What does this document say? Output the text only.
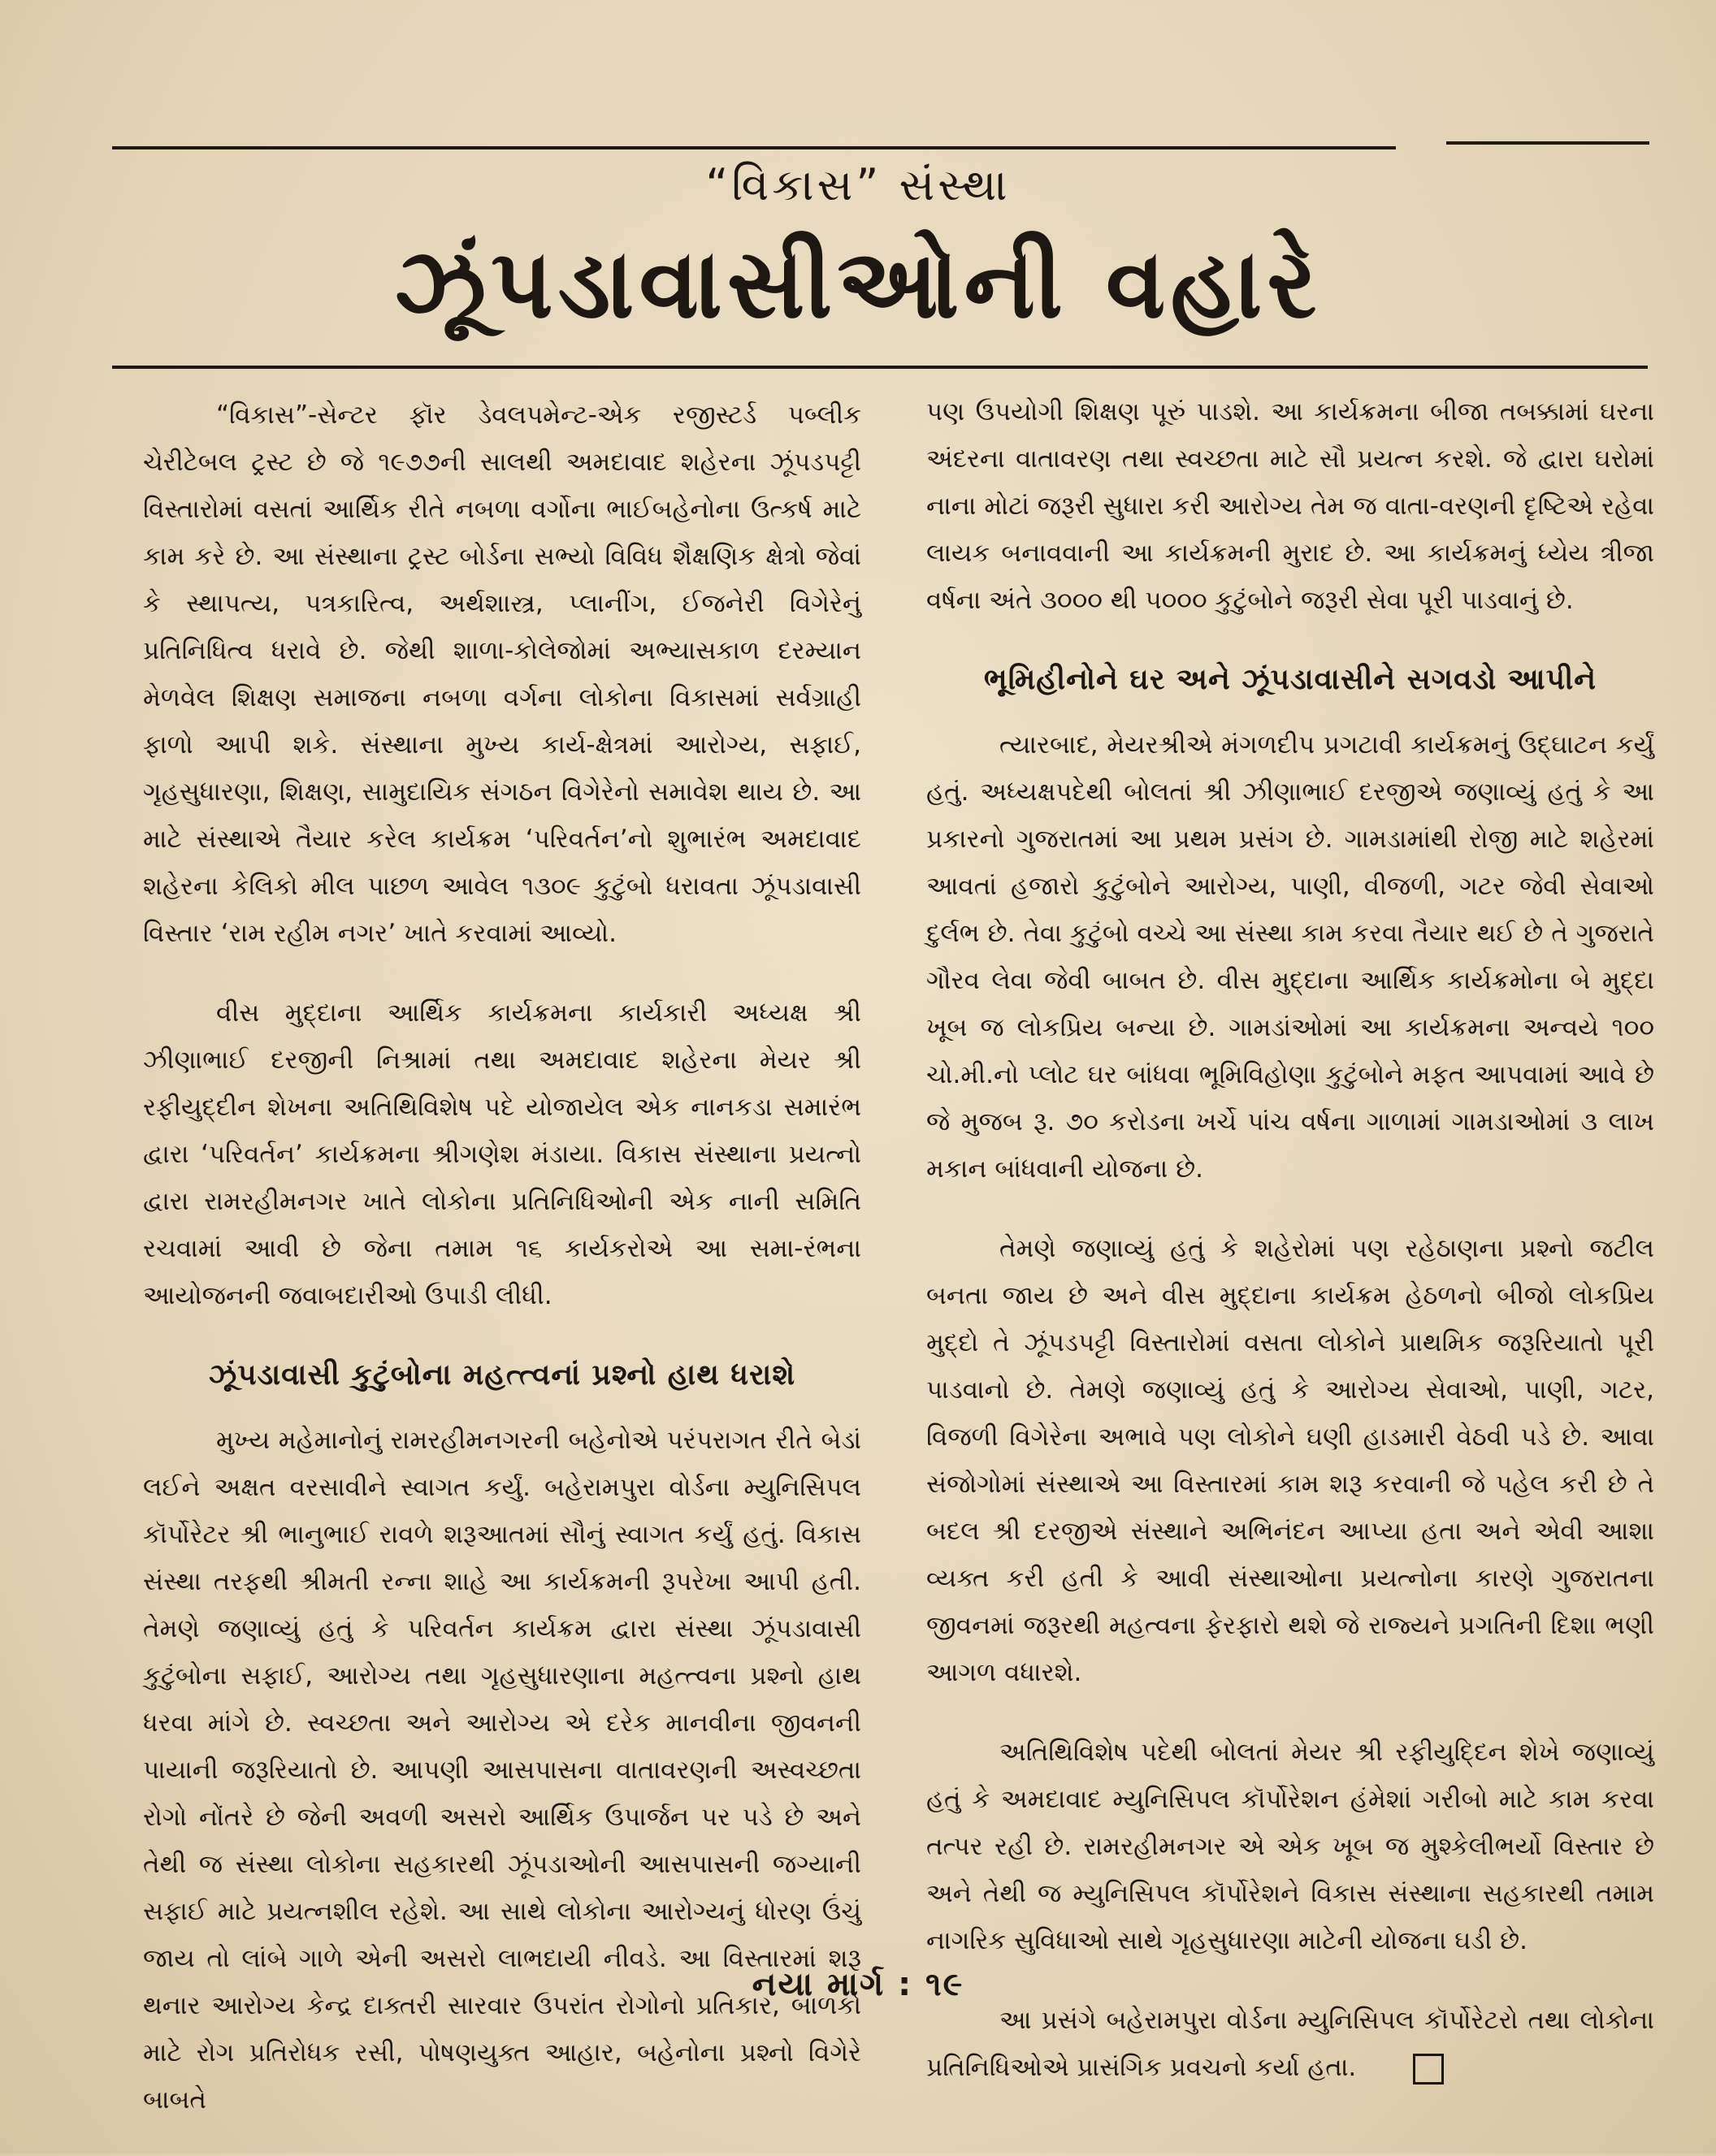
“વિકાસ” સંસ્થા
ઝૂંપડાવાસીઓની વહારે

“વિકાસ”-સેન્ટર ફૉર ડેવલપમેન્ટ-એક રજીસ્ટર્ડ પબ્લીક ચેરીટેબલ ટ્રસ્ટ છે જે ૧૯૭૭ની સાલથી અમદાવાદ શહેરના ઝૂંપડપટ્ટી વિસ્તારોમાં વસતાં આર્થિક રીતે નબળા વર્ગોના ભાઈબહેનોના ઉત્કર્ષ માટે કામ કરે છે. આ સંસ્થાના ટ્રસ્ટ બોર્ડના સભ્યો વિવિધ શૈક્ષણિક ક્ષેત્રો જેવાં કે સ્થાપત્ય, પત્રકારિત્વ, અર્થશાસ્ત્ર, પ્લાનીંગ, ઈજનેરી વિગેરેનું પ્રતિનિધિત્વ ધરાવે છે. જેથી શાળા-કોલેજોમાં અભ્યાસકાળ દરમ્યાન મેળવેલ શિક્ષણ સમાજના નબળા વર્ગના લોકોના વિકાસમાં સર્વગ્રાહી ફાળો આપી શકે. સંસ્થાના મુખ્ય કાર્ય-ક્ષેત્રમાં આરોગ્ય, સફાઈ, ગૃહસુધારણા, શિક્ષણ, સામુદાયિક સંગઠન વિગેરેનો સમાવેશ થાય છે. આ માટે સંસ્થાએ તૈયાર કરેલ કાર્યક્રમ ‘પરિવર્તન’નો શુભારંભ અમદાવાદ શહેરના કેલિકો મીલ પાછળ આવેલ ૧૩૦૯ કુટુંબો ધરાવતા ઝૂંપડાવાસી વિસ્તાર ‘રામ રહીમ નગર’ ખાતે કરવામાં આવ્યો.

વીસ મુદ્દાના આર્થિક કાર્યક્રમના કાર્યકારી અધ્યક્ષ શ્રી ઝીણાભાઈ દરજીની નિશ્રામાં તથા અમદાવાદ શહેરના મેયર શ્રી રફીયુદ્દીન શેખના અતિથિવિશેષ પદે યોજાયેલ એક નાનકડા સમારંભ દ્વારા ‘પરિવર્તન’ કાર્યક્રમના શ્રીગણેશ મંડાયા. વિકાસ સંસ્થાના પ્રયત્નો દ્વારા રામરહીમનગર ખાતે લોકોના પ્રતિનિધિઓની એક નાની સમિતિ રચવામાં આવી છે જેના તમામ ૧૬ કાર્યકરોએ આ સમા-રંભના આયોજનની જવાબદારીઓ ઉપાડી લીધી.

ઝૂંપડાવાસી કુટુંબોના મહત્ત્વનાં પ્રશ્નો હાથ ધરાશે

મુખ્ય મહેમાનોનું રામરહીમનગરની બહેનોએ પરંપરાગત રીતે બેડાં લઈને અક્ષત વરસાવીને સ્વાગત કર્યું. બહેરામપુરા વોર્ડના મ્યુનિસિપલ કૉર્પોરેટર શ્રી ભાનુભાઈ રાવળે શરૂઆતમાં સૌનું સ્વાગત કર્યું હતું. વિકાસ સંસ્થા તરફથી શ્રીમતી રન્ના શાહે આ કાર્યક્રમની રૂપરેખા આપી હતી. તેમણે જણાવ્યું હતું કે પરિવર્તન કાર્યક્રમ દ્વારા સંસ્થા ઝૂંપડાવાસી કુટુંબોના સફાઈ, આરોગ્ય તથા ગૃહસુધારણાના મહત્ત્વના પ્રશ્નો હાથ ધરવા માંગે છે. સ્વચ્છતા અને આરોગ્ય એ દરેક માનવીના જીવનની પાયાની જરૂરિયાતો છે. આપણી આસપાસના વાતાવરણની અસ્વચ્છતા રોગો નોંતરે છે જેની અવળી અસરો આર્થિક ઉપાર્જન પર પડે છે અને તેથી જ સંસ્થા લોકોના સહકારથી ઝૂંપડાઓની આસપાસની જગ્યાની સફાઈ માટે પ્રયત્નશીલ રહેશે. આ સાથે લોકોના આરોગ્યનું ધોરણ ઉંચું જાય તો લાંબે ગાળે એની અસરો લાભદાયી નીવડે. આ વિસ્તારમાં શરૂ થનાર આરોગ્ય કેન્દ્ર દાક્તરી સારવાર ઉપરાંત રોગોનો પ્રતિકાર, બાળકો માટે રોગ પ્રતિરોધક રસી, પોષણયુક્ત આહાર, બહેનોના પ્રશ્નો વિગેરે બાબતે

પણ ઉપયોગી શિક્ષણ પૂરું પાડશે. આ કાર્યક્રમના બીજા તબક્કામાં ઘરના અંદરના વાતાવરણ તથા સ્વચ્છતા માટે સૌ પ્રયત્ન કરશે. જે દ્વારા ઘરોમાં નાના મોટાં જરૂરી સુધારા કરી આરોગ્ય તેમ જ વાતા-વરણની દૃષ્ટિએ રહેવા લાયક બનાવવાની આ કાર્યક્રમની મુરાદ છે. આ કાર્યક્રમનું ધ્યેય ત્રીજા વર્ષના અંતે ૩૦૦૦ થી ૫૦૦૦ કુટુંબોને જરૂરી સેવા પૂરી પાડવાનું છે.

ભૂમિહીનોને ઘર અને ઝૂંપડાવાસીને સગવડો આપીને

ત્યારબાદ, મેયરશ્રીએ મંગળદીપ પ્રગટાવી કાર્યક્રમનું ઉદ્ઘાટન કર્યું હતું. અધ્યક્ષપદેથી બોલતાં શ્રી ઝીણાભાઈ દરજીએ જણાવ્યું હતું કે આ પ્રકારનો ગુજરાતમાં આ પ્રથમ પ્રસંગ છે. ગામડામાંથી રોજી માટે શહેરમાં આવતાં હજારો કુટુંબોને આરોગ્ય, પાણી, વીજળી, ગટર જેવી સેવાઓ દુર્લભ છે. તેવા કુટુંબો વચ્ચે આ સંસ્થા કામ કરવા તૈયાર થઈ છે તે ગુજરાતે ગૌરવ લેવા જેવી બાબત છે. વીસ મુદ્દાના આર્થિક કાર્યક્રમોના બે મુદ્દા ખૂબ જ લોકપ્રિય બન્યા છે. ગામડાંઓમાં આ કાર્યક્રમના અન્વયે ૧૦૦ ચો.મી.નો પ્લોટ ઘર બાંધવા ભૂમિવિહોણા કુટુંબોને મફત આપવામાં આવે છે જે મુજબ રૂ. ૭૦ કરોડના ખર્ચે પાંચ વર્ષના ગાળામાં ગામડાઓમાં ૩ લાખ મકાન બાંધવાની યોજના છે.

તેમણે જણાવ્યું હતું કે શહેરોમાં પણ રહેઠાણના પ્રશ્નો જટીલ બનતા જાય છે અને વીસ મુદ્દાના કાર્યક્રમ હેઠળનો બીજો લોકપ્રિય મુદ્દો તે ઝૂંપડપટ્ટી વિસ્તારોમાં વસતા લોકોને પ્રાથમિક જરૂરિયાતો પૂરી પાડવાનો છે. તેમણે જણાવ્યું હતું કે આરોગ્ય સેવાઓ, પાણી, ગટર, વિજળી વિગેરેના અભાવે પણ લોકોને ઘણી હાડમારી વેઠવી પડે છે. આવા સંજોગોમાં સંસ્થાએ આ વિસ્તારમાં કામ શરૂ કરવાની જે પહેલ કરી છે તે બદલ શ્રી દરજીએ સંસ્થાને અભિનંદન આપ્યા હતા અને એવી આશા વ્યક્ત કરી હતી કે આવી સંસ્થાઓના પ્રયત્નોના કારણે ગુજરાતના જીવનમાં જરૂરથી મહત્વના ફેરફારો થશે જે રાજ્યને પ્રગતિની દિશા ભણી આગળ વધારશે.

અતિથિવિશેષ પદેથી બોલતાં મેયર શ્રી રફીયુદ્દિન શેખે જણાવ્યું હતું કે અમદાવાદ મ્યુનિસિપલ કૉર્પોરેશન હંમેશાં ગરીબો માટે કામ કરવા તત્પર રહી છે. રામરહીમનગર એ એક ખૂબ જ મુશ્કેલીભર્યો વિસ્તાર છે અને તેથી જ મ્યુનિસિપલ કૉર્પોરેશને વિકાસ સંસ્થાના સહકારથી તમામ નાગરિક સુવિધાઓ સાથે ગૃહસુધારણા માટેની યોજના ઘડી છે.

આ પ્રસંગે બહેરામપુરા વોર્ડના મ્યુનિસિપલ કૉર્પોરેટરો તથા લોકોના પ્રતિનિધિઓએ પ્રાસંગિક પ્રવચનો કર્યા હતા.

નયા માર્ગ : ૧૯
